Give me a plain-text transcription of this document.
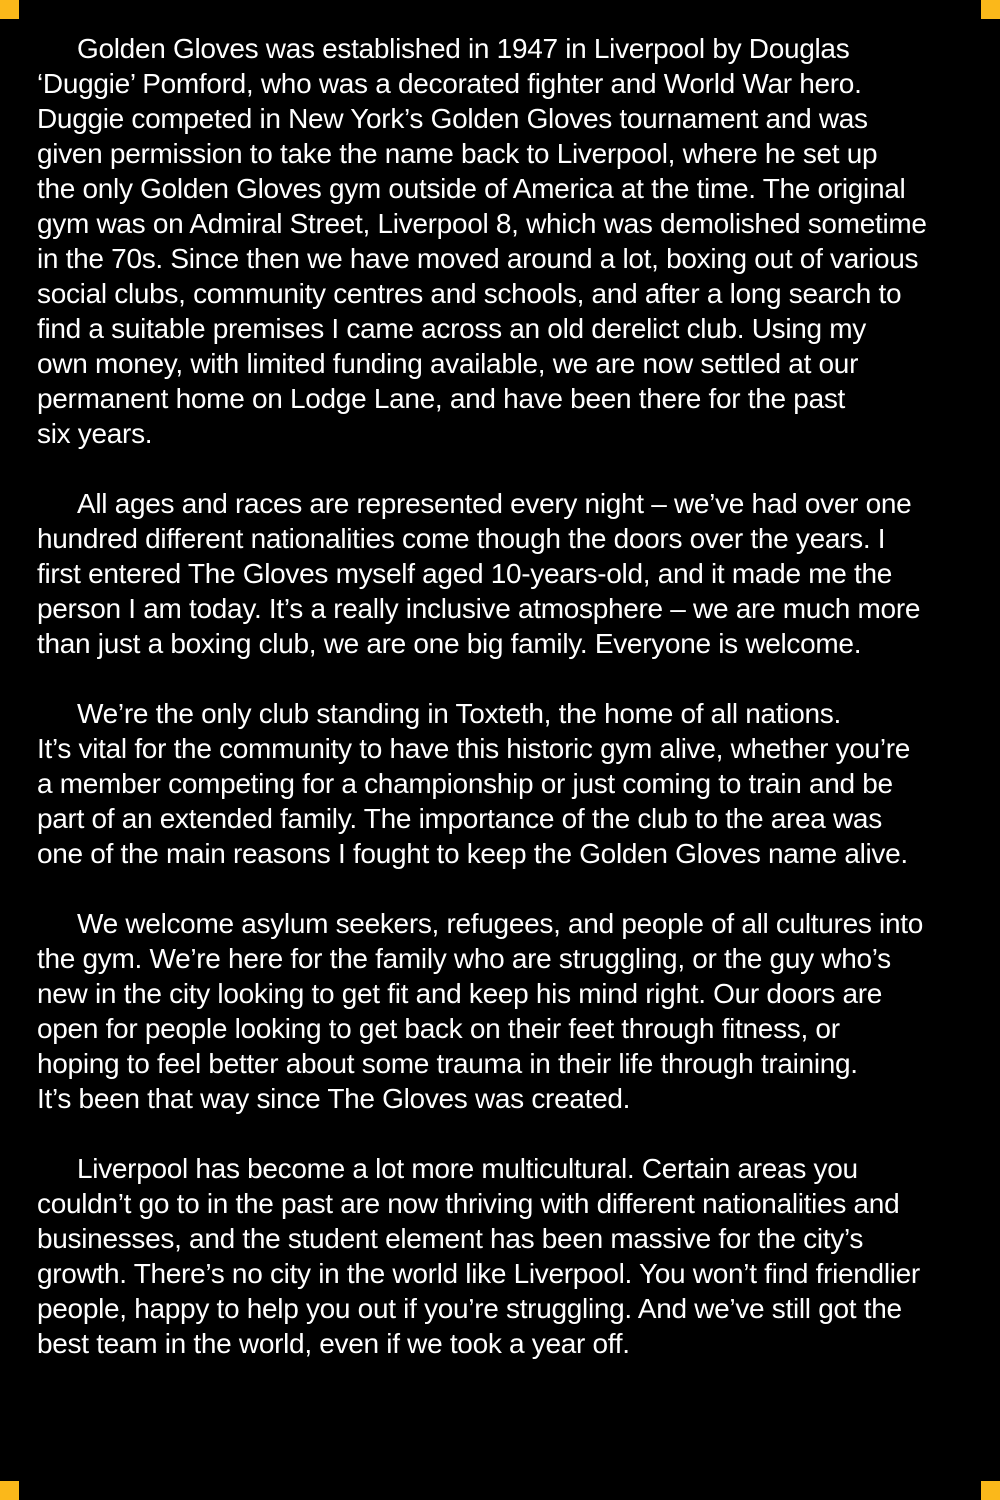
Golden Gloves was established in 1947 in Liverpool by Douglas
‘Duggie’ Pomford, who was a decorated fighter and World War hero.
Duggie competed in New York’s Golden Gloves tournament and was
given permission to take the name back to Liverpool, where he set up
the only Golden Gloves gym outside of America at the time. The original
gym was on Admiral Street, Liverpool 8, which was demolished sometime
in the 70s. Since then we have moved around a lot, boxing out of various
social clubs, community centres and schools, and after a long search to
find a suitable premises I came across an old derelict club. Using my
own money, with limited funding available, we are now settled at our
permanent home on Lodge Lane, and have been there for the past
six years.
All ages and races are represented every night – we’ve had over one
hundred different nationalities come though the doors over the years. I
first entered The Gloves myself aged 10-years-old, and it made me the
person I am today. It’s a really inclusive atmosphere – we are much more
than just a boxing club, we are one big family. Everyone is welcome.
We’re the only club standing in Toxteth, the home of all nations.
It’s vital for the community to have this historic gym alive, whether you’re
a member competing for a championship or just coming to train and be
part of an extended family. The importance of the club to the area was
one of the main reasons I fought to keep the Golden Gloves name alive.
We welcome asylum seekers, refugees, and people of all cultures into
the gym. We’re here for the family who are struggling, or the guy who’s
new in the city looking to get fit and keep his mind right. Our doors are
open for people looking to get back on their feet through fitness, or
hoping to feel better about some trauma in their life through training.
It’s been that way since The Gloves was created.
Liverpool has become a lot more multicultural. Certain areas you
couldn’t go to in the past are now thriving with different nationalities and
businesses, and the student element has been massive for the city’s
growth. There’s no city in the world like Liverpool. You won’t find friendlier
people, happy to help you out if you’re struggling. And we’ve still got the
best team in the world, even if we took a year off.
